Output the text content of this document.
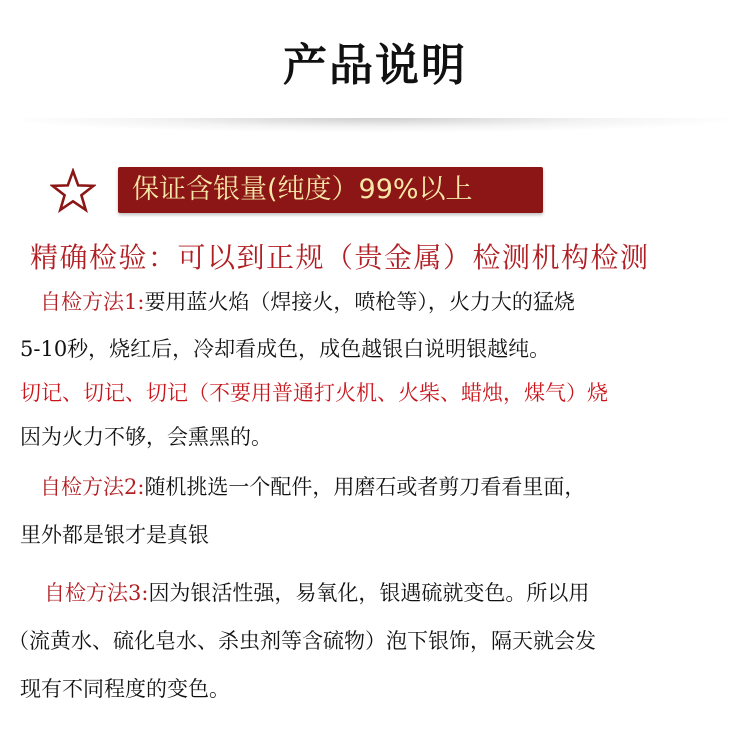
产品说明
保证含银量(纯度）99%以上
精确检验：可以到正规（贵金属）检测机构检测
自检方法1:要用蓝火焰（焊接火，喷枪等），火力大的猛烧
5-10秒，烧红后，冷却看成色，成色越银白说明银越纯。
切记、切记、切记（不要用普通打火机、火柴、蜡烛，煤气）烧
因为火力不够，会熏黑的。
自检方法2:随机挑选一个配件，用磨石或者剪刀看看里面，
里外都是银才是真银
自检方法3:因为银活性强，易氧化，银遇硫就变色。所以用
（流黄水、硫化皂水、杀虫剂等含硫物）泡下银饰，隔天就会发
现有不同程度的变色。
